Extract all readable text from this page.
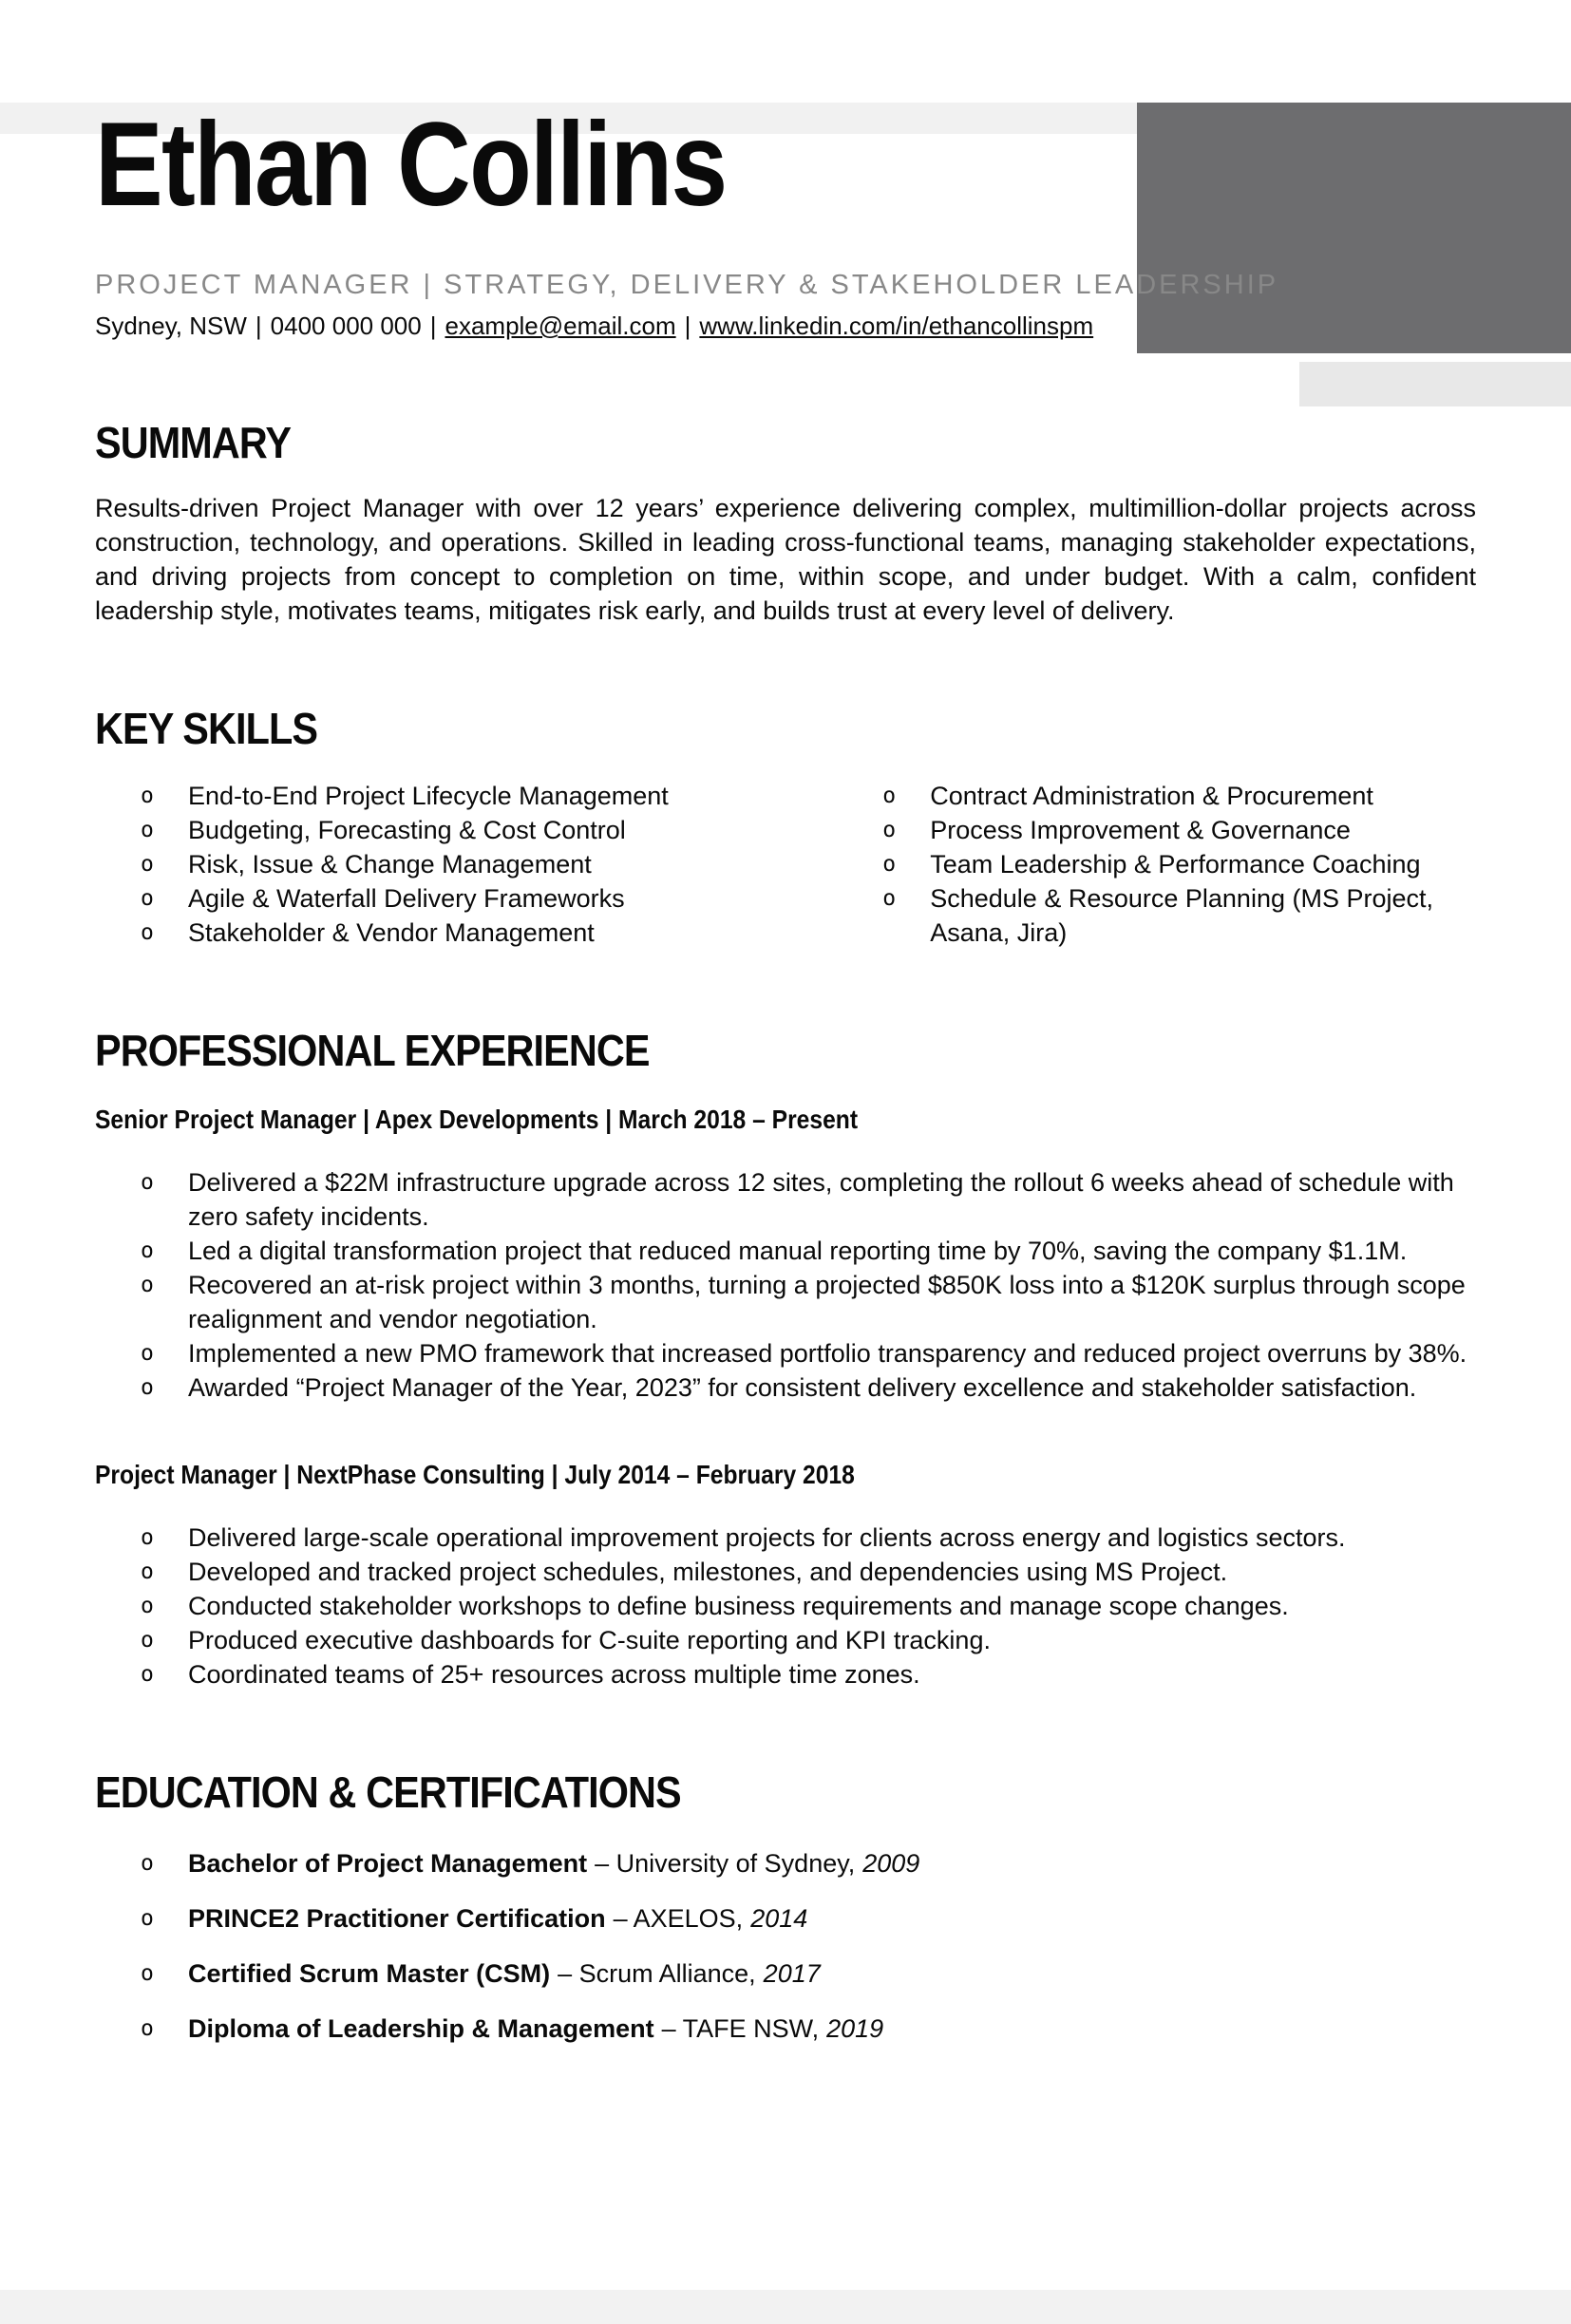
Ethan Collins
PROJECT MANAGER | STRATEGY, DELIVERY & STAKEHOLDER LEADERSHIP
Sydney, NSW | 0400 000 000 | example@email.com | www.linkedin.com/in/ethancollinspm
SUMMARY

Results-driven Project Manager with over 12 years’ experience delivering complex, multimillion-dollar projects across construction, technology, and operations. Skilled in leading cross-functional teams, managing stakeholder expectations, and driving projects from concept to completion on time, within scope, and under budget. With a calm, confident leadership style, motivates teams, mitigates risk early, and builds trust at every level of delivery.

KEY SKILLS
o	End-to-End Project Lifecycle Management
o	Budgeting, Forecasting & Cost Control
o	Risk, Issue & Change Management
o	Agile & Waterfall Delivery Frameworks
o	Stakeholder & Vendor Management
o	Contract Administration & Procurement
o	Process Improvement & Governance
o	Team Leadership & Performance Coaching
o	Schedule & Resource Planning (MS Project, Asana, Jira)
PROFESSIONAL EXPERIENCE
Senior Project Manager | Apex Developments | March 2018 – Present
o	Delivered a $22M infrastructure upgrade across 12 sites, completing the rollout 6 weeks ahead of schedule with zero safety incidents.
o	Led a digital transformation project that reduced manual reporting time by 70%, saving the company $1.1M.
o	Recovered an at-risk project within 3 months, turning a projected $850K loss into a $120K surplus through scope realignment and vendor negotiation.
o	Implemented a new PMO framework that increased portfolio transparency and reduced project overruns by 38%.
o	Awarded “Project Manager of the Year, 2023” for consistent delivery excellence and stakeholder satisfaction.
Project Manager | NextPhase Consulting | July 2014 – February 2018
o	Delivered large-scale operational improvement projects for clients across energy and logistics sectors.
o	Developed and tracked project schedules, milestones, and dependencies using MS Project.
o	Conducted stakeholder workshops to define business requirements and manage scope changes.
o	Produced executive dashboards for C-suite reporting and KPI tracking.
o	Coordinated teams of 25+ resources across multiple time zones.
EDUCATION & CERTIFICATIONS
o	Bachelor of Project Management – University of Sydney, 2009
o	PRINCE2 Practitioner Certification – AXELOS, 2014
o	Certified Scrum Master (CSM) – Scrum Alliance, 2017
o	Diploma of Leadership & Management – TAFE NSW, 2019
